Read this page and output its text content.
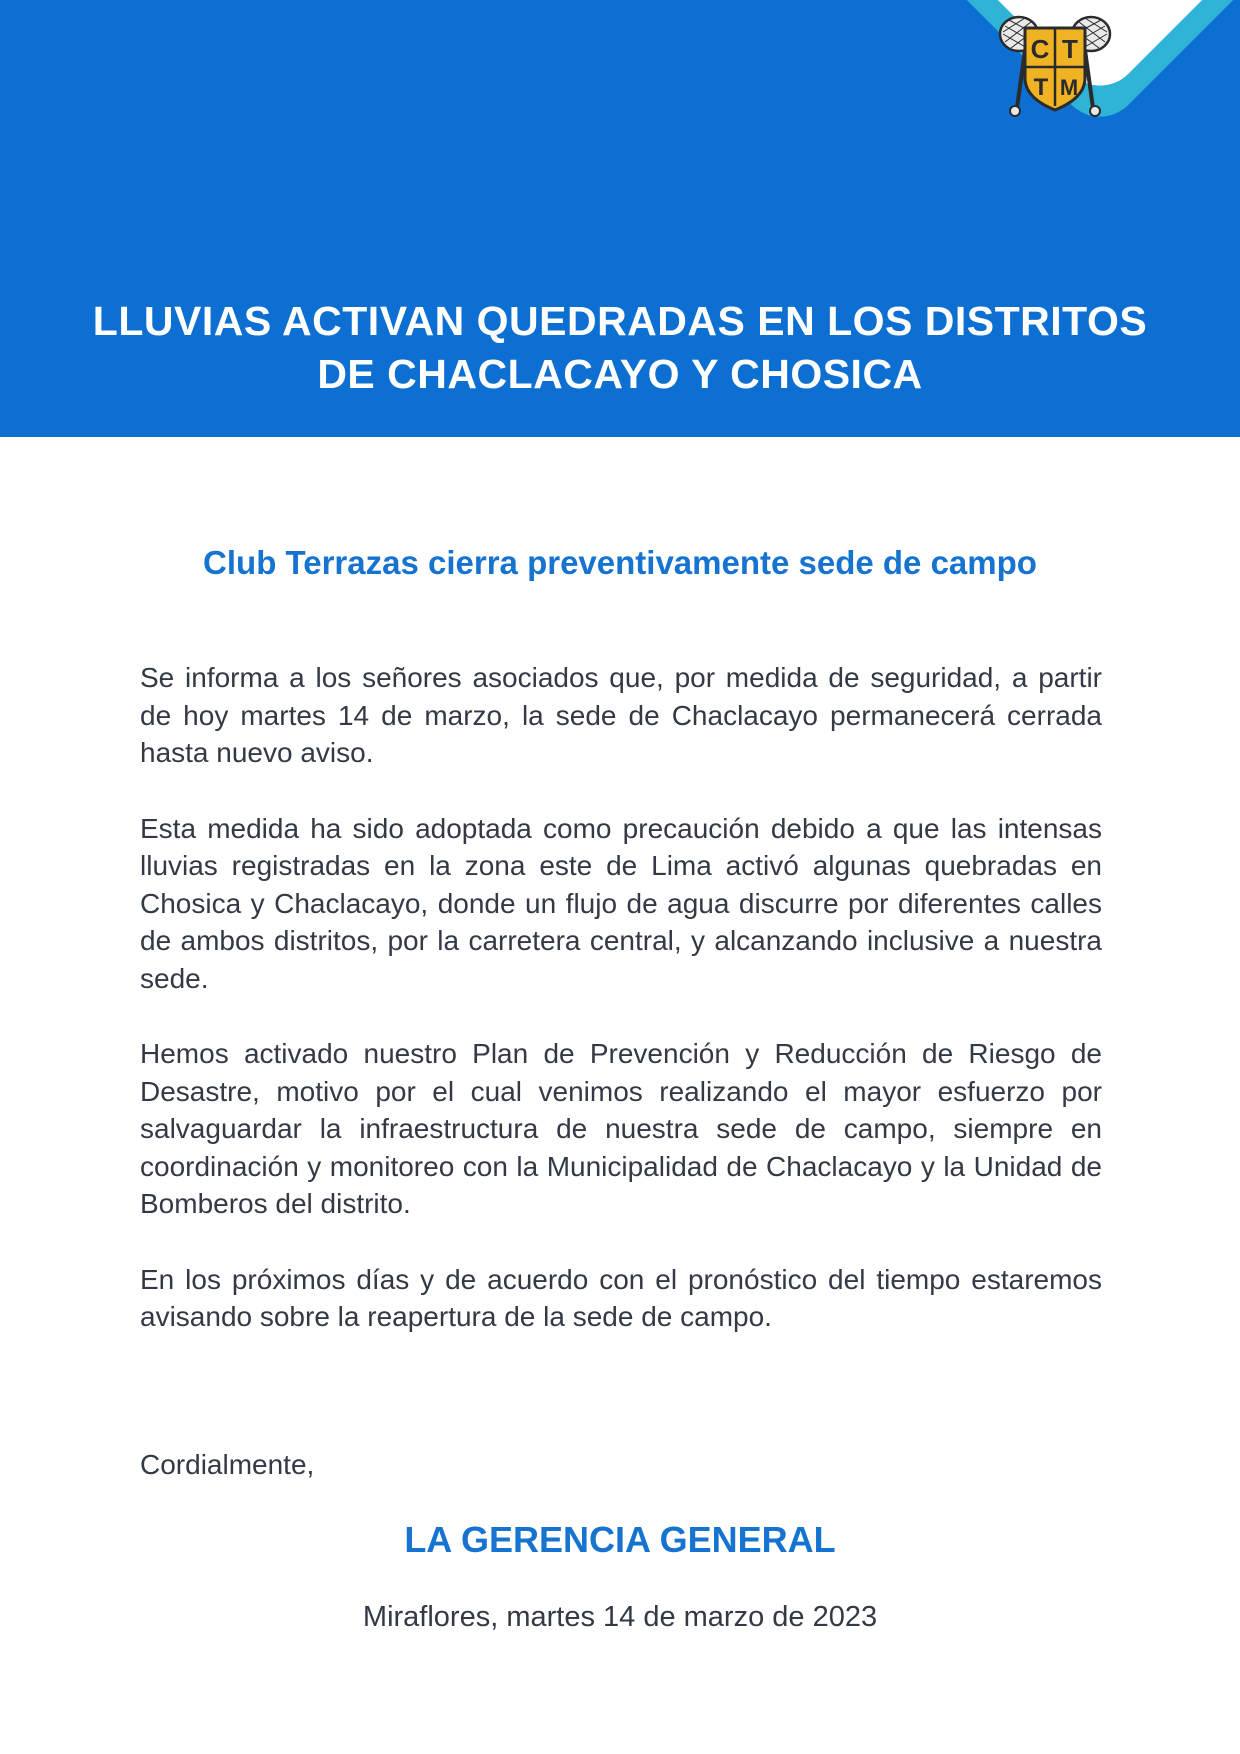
C T
T M
LLUVIAS ACTIVAN QUEDRADAS EN LOS DISTRITOS DE CHACLACAYO Y CHOSICA
Club Terrazas cierra preventivamente sede de campo

Se informa a los señores asociados que, por medida de seguridad, a partir de hoy martes 14 de marzo, la sede de Chaclacayo permanecerá cerrada hasta nuevo aviso.

Esta medida ha sido adoptada como precaución debido a que las intensas lluvias registradas en la zona este de Lima activó algunas quebradas en Chosica y Chaclacayo, donde un flujo de agua discurre por diferentes calles de ambos distritos, por la carretera central, y alcanzando inclusive a nuestra sede.

Hemos activado nuestro Plan de Prevención y Reducción de Riesgo de Desastre, motivo por el cual venimos realizando el mayor esfuerzo por salvaguardar la infraestructura de nuestra sede de campo, siempre en coordinación y monitoreo con la Municipalidad de Chaclacayo y la Unidad de Bomberos del distrito.

En los próximos días y de acuerdo con el pronóstico del tiempo estaremos avisando sobre la reapertura de la sede de campo.

Cordialmente,

LA GERENCIA GENERAL

Miraflores, martes 14 de marzo de 2023
